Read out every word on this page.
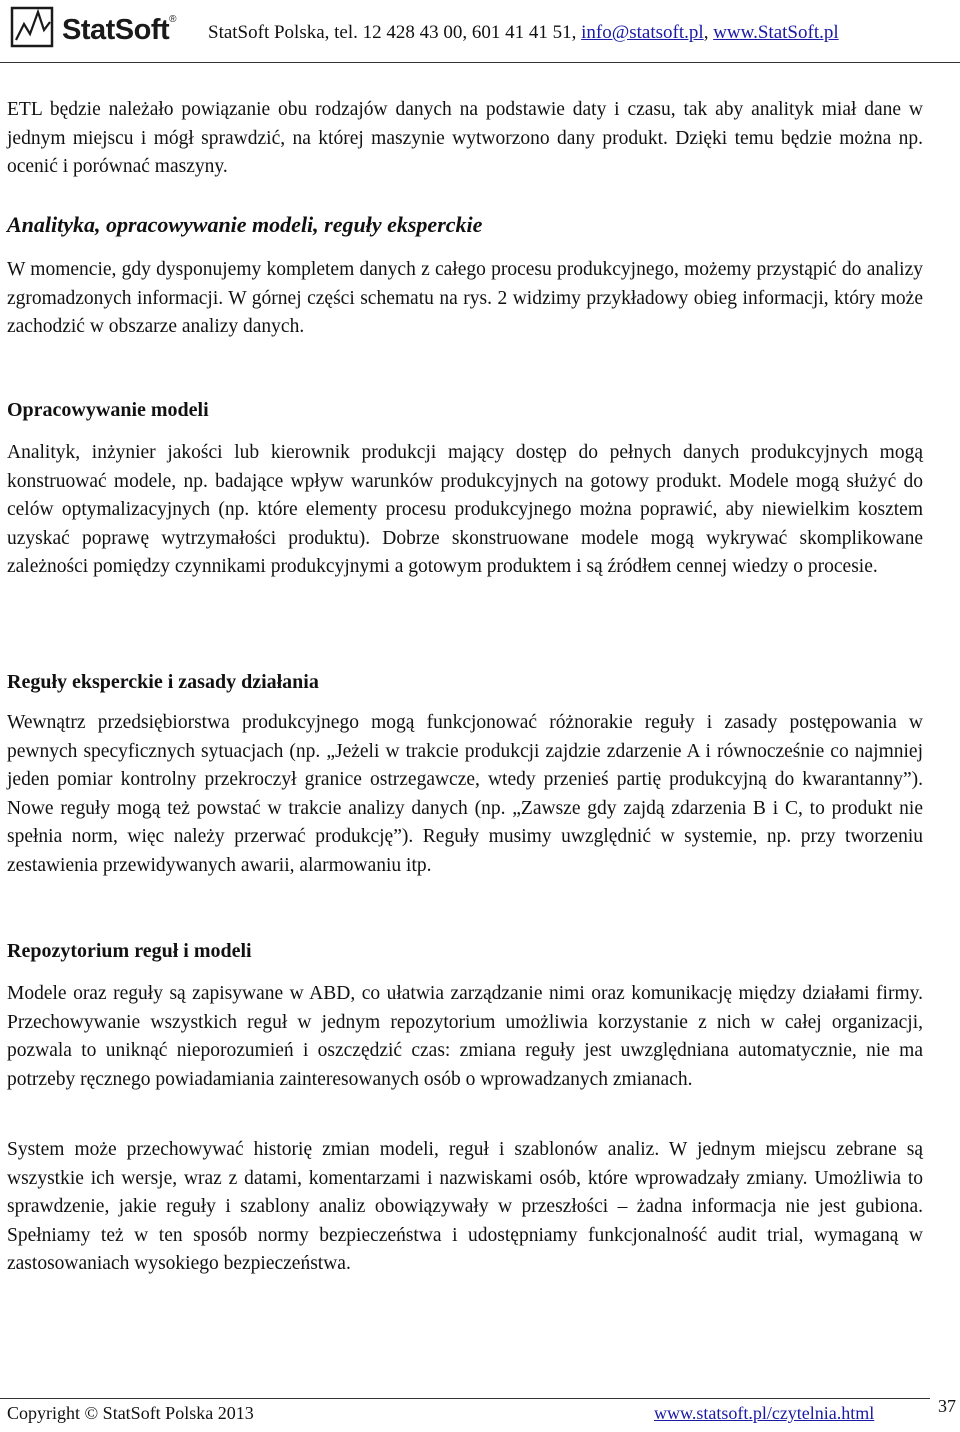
StatSoft®
StatSoft Polska, tel. 12 428 43 00, 601 41 41 51, info@statsoft.pl, www.StatSoft.pl

ETL będzie należało powiązanie obu rodzajów danych na podstawie daty i czasu, tak aby analityk miał dane w jednym miejscu i mógł sprawdzić, na której maszynie wytworzono dany produkt. Dzięki temu będzie można np. ocenić i porównać maszyny.

Analityka, opracowywanie modeli, reguły eksperckie

W momencie, gdy dysponujemy kompletem danych z całego procesu produkcyjnego, możemy przystąpić do analizy zgromadzonych informacji. W górnej części schematu na rys. 2 widzimy przykładowy obieg informacji, który może zachodzić w obszarze analizy danych.

Opracowywanie modeli

Analityk, inżynier jakości lub kierownik produkcji mający dostęp do pełnych danych produkcyjnych mogą konstruować modele, np. badające wpływ warunków produkcyjnych na gotowy produkt. Modele mogą służyć do celów optymalizacyjnych (np. które elementy procesu produkcyjnego można poprawić, aby niewielkim kosztem uzyskać poprawę wytrzymałości produktu). Dobrze skonstruowane modele mogą wykrywać skomplikowane zależności pomiędzy czynnikami produkcyjnymi a gotowym produktem i są źródłem cennej wiedzy o procesie.

Reguły eksperckie i zasady działania

Wewnątrz przedsiębiorstwa produkcyjnego mogą funkcjonować różnorakie reguły i zasady postępowania w pewnych specyficznych sytuacjach (np. „Jeżeli w trakcie produkcji zajdzie zdarzenie A i równocześnie co najmniej jeden pomiar kontrolny przekroczył granice ostrzegawcze, wtedy przenieś partię produkcyjną do kwarantanny”). Nowe reguły mogą też powstać w trakcie analizy danych (np. „Zawsze gdy zajdą zdarzenia B i C, to produkt nie spełnia norm, więc należy przerwać produkcję”). Reguły musimy uwzględnić w systemie, np. przy tworzeniu zestawienia przewidywanych awarii, alarmowaniu itp.

Repozytorium reguł i modeli

Modele oraz reguły są zapisywane w ABD, co ułatwia zarządzanie nimi oraz komunikację między działami firmy. Przechowywanie wszystkich reguł w jednym repozytorium umożliwia korzystanie z nich w całej organizacji, pozwala to uniknąć nieporozumień i oszczędzić czas: zmiana reguły jest uwzględniana automatycznie, nie ma potrzeby ręcznego powiadamiania zainteresowanych osób o wprowadzanych zmianach.

System może przechowywać historię zmian modeli, reguł i szablonów analiz. W jednym miejscu zebrane są wszystkie ich wersje, wraz z datami, komentarzami i nazwiskami osób, które wprowadzały zmiany. Umożliwia to sprawdzenie, jakie reguły i szablony analiz obowiązywały w przeszłości – żadna informacja nie jest gubiona. Spełniamy też w ten sposób normy bezpieczeństwa i udostępniamy funkcjonalność audit trial, wymaganą w zastosowaniach wysokiego bezpieczeństwa.

Copyright © StatSoft Polska 2013	www.statsoft.pl/czytelnia.html	37
